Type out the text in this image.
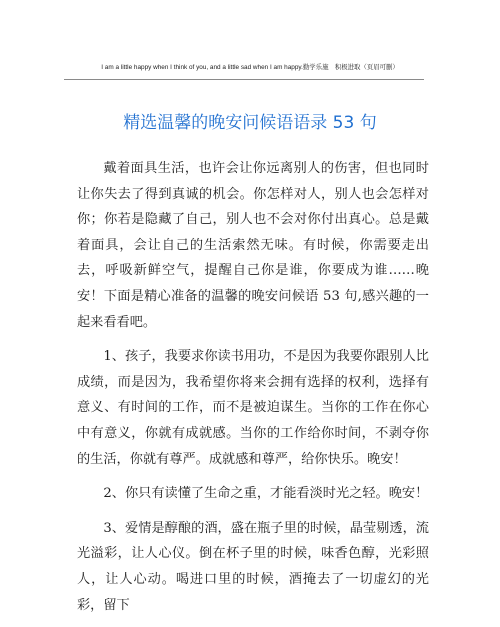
I am a little happy when I think of you, and a little sad when I am happy.勤学乐施　积极进取（页眉可删）
精选温馨的晚安问候语语录 53 句

戴着面具生活，也许会让你远离别人的伤害，但也同时让你失去了得到真诚的机会。你怎样对人，别人也会怎样对你；你若是隐藏了自己，别人也不会对你付出真心。总是戴着面具，会让自己的生活索然无味。有时候，你需要走出去，呼吸新鲜空气，提醒自己你是谁，你要成为谁……晚安！下面是精心准备的温馨的晚安问候语 53 句,感兴趣的一起来看看吧。

1、孩子，我要求你读书用功，不是因为我要你跟别人比成绩，而是因为，我希望你将来会拥有选择的权利，选择有意义、有时间的工作，而不是被迫谋生。当你的工作在你心中有意义，你就有成就感。当你的工作给你时间，不剥夺你的生活，你就有尊严。成就感和尊严，给你快乐。晚安！

2、你只有读懂了生命之重，才能看淡时光之轻。晚安！

3、爱情是醇酿的酒，盛在瓶子里的时候，晶莹剔透，流光溢彩，让人心仪。倒在杯子里的时候，味香色醇，光彩照人，让人心动。喝进口里的时候，酒掩去了一切虚幻的光彩，留下
